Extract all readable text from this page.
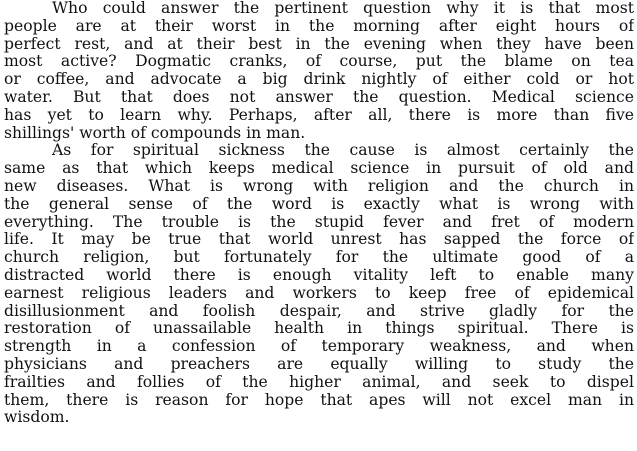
Who could answer the pertinent question why it is that most
people are at their worst in the morning after eight hours of
perfect rest, and at their best in the evening when they have been
most active? Dogmatic cranks, of course, put the blame on tea
or coffee, and advocate a big drink nightly of either cold or hot
water. But that does not answer the question. Medical science
has yet to learn why. Perhaps, after all, there is more than five
shillings' worth of compounds in man.
As for spiritual sickness the cause is almost certainly the
same as that which keeps medical science in pursuit of old and
new diseases. What is wrong with religion and the church in
the general sense of the word is exactly what is wrong with
everything. The trouble is the stupid fever and fret of modern
life. It may be true that world unrest has sapped the force of
church religion, but fortunately for the ultimate good of a
distracted world there is enough vitality left to enable many
earnest religious leaders and workers to keep free of epidemical
disillusionment and foolish despair, and strive gladly for the
restoration of unassailable health in things spiritual. There is
strength in a confession of temporary weakness, and when
physicians and preachers are equally willing to study the
frailties and follies of the higher animal, and seek to dispel
them, there is reason for hope that apes will not excel man in
wisdom.
